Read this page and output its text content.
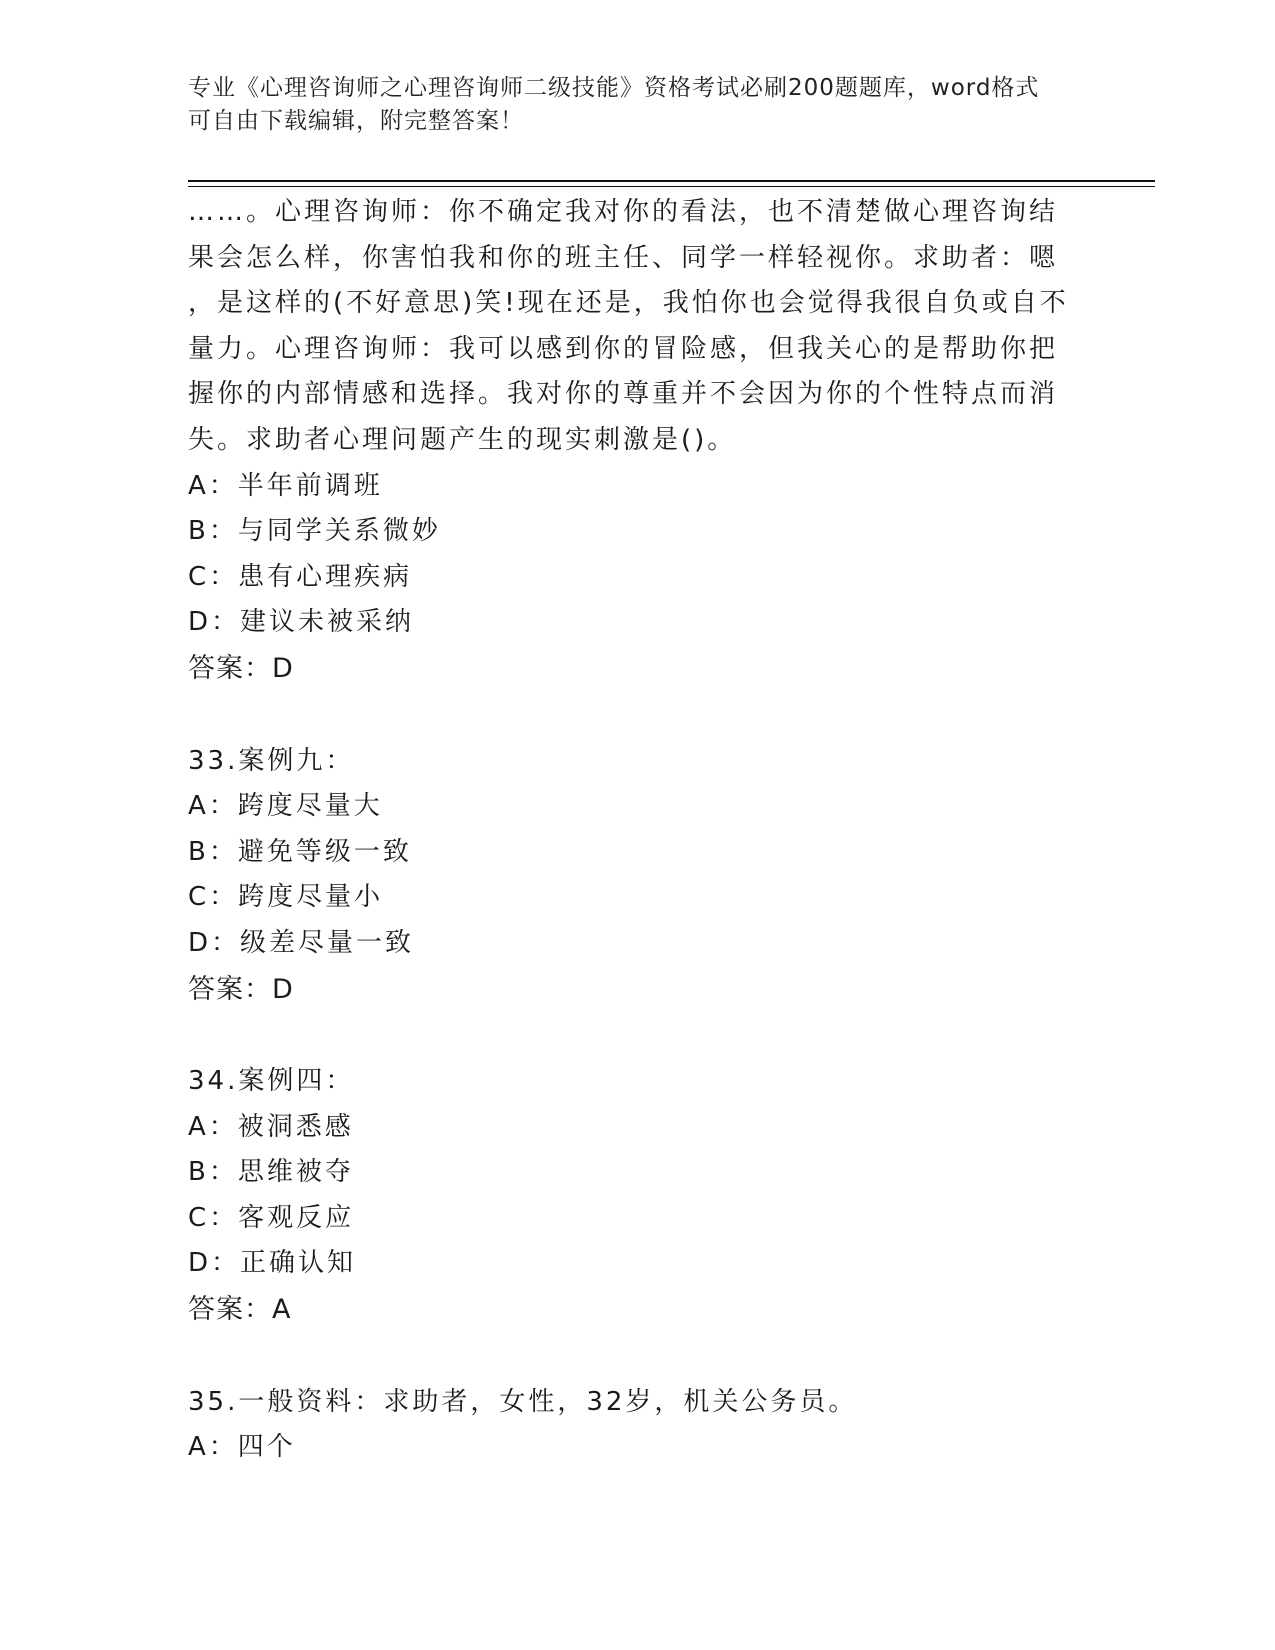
专业《心理咨询师之心理咨询师二级技能》资格考试必刷200题题库，word格式
可自由下载编辑，附完整答案！
……。心理咨询师：你不确定我对你的看法，也不清楚做心理咨询结
果会怎么样，你害怕我和你的班主任、同学一样轻视你。求助者：嗯
，是这样的(不好意思)笑!现在还是，我怕你也会觉得我很自负或自不
量力。心理咨询师：我可以感到你的冒险感，但我关心的是帮助你把
握你的内部情感和选择。我对你的尊重并不会因为你的个性特点而消
失。求助者心理问题产生的现实刺激是()。
A：半年前调班
B：与同学关系微妙
C：患有心理疾病
D：建议未被采纳
答案：D
33.案例九：
A：跨度尽量大
B：避免等级一致
C：跨度尽量小
D：级差尽量一致
答案：D
34.案例四：
A：被洞悉感
B：思维被夺
C：客观反应
D：正确认知
答案：A
35.一般资料：求助者，女性，32岁，机关公务员。
A：四个
